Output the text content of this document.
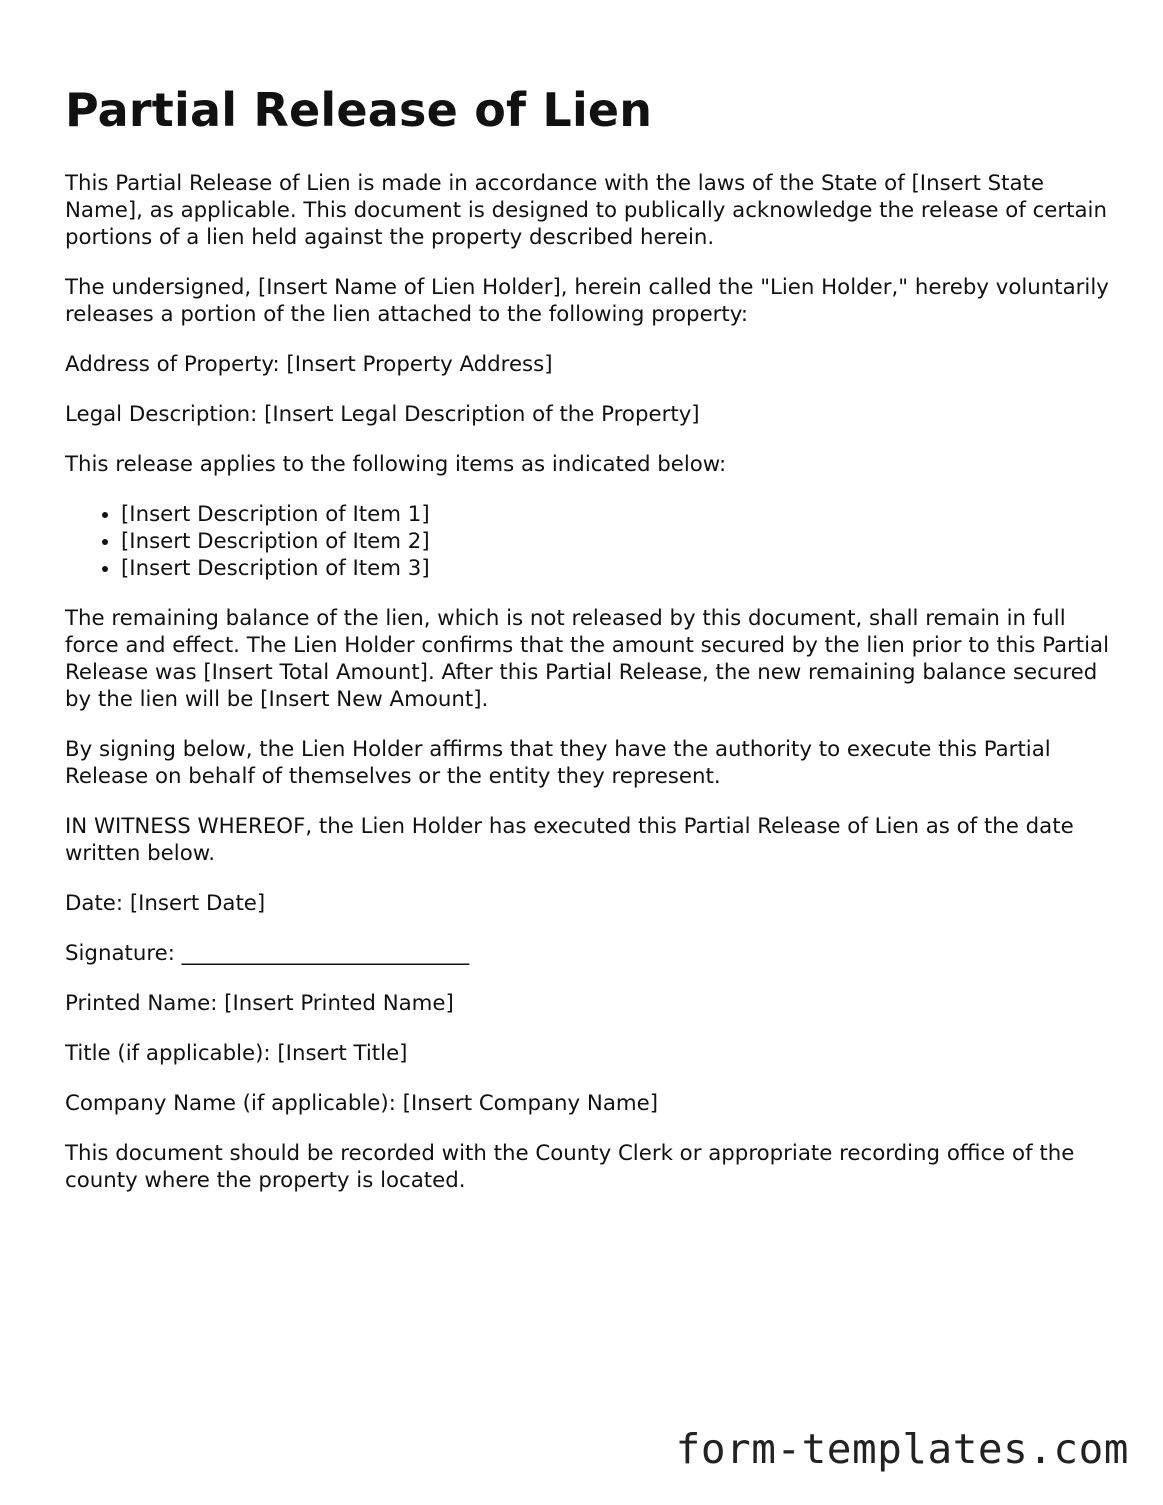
Partial Release of Lien

This Partial Release of Lien is made in accordance with the laws of the State of [Insert State Name], as applicable. This document is designed to publically acknowledge the release of certain portions of a lien held against the property described herein.

The undersigned, [Insert Name of Lien Holder], herein called the "Lien Holder," hereby voluntarily releases a portion of the lien attached to the following property:

Address of Property: [Insert Property Address]

Legal Description: [Insert Legal Description of the Property]

This release applies to the following items as indicated below:

• [Insert Description of Item 1]
• [Insert Description of Item 2]
• [Insert Description of Item 3]

The remaining balance of the lien, which is not released by this document, shall remain in full force and effect. The Lien Holder confirms that the amount secured by the lien prior to this Partial Release was [Insert Total Amount]. After this Partial Release, the new remaining balance secured by the lien will be [Insert New Amount].

By signing below, the Lien Holder affirms that they have the authority to execute this Partial Release on behalf of themselves or the entity they represent.

IN WITNESS WHEREOF, the Lien Holder has executed this Partial Release of Lien as of the date written below.

Date: [Insert Date]

Signature: ___________________________

Printed Name: [Insert Printed Name]

Title (if applicable): [Insert Title]

Company Name (if applicable): [Insert Company Name]

This document should be recorded with the County Clerk or appropriate recording office of the county where the property is located.

form-templates.com
